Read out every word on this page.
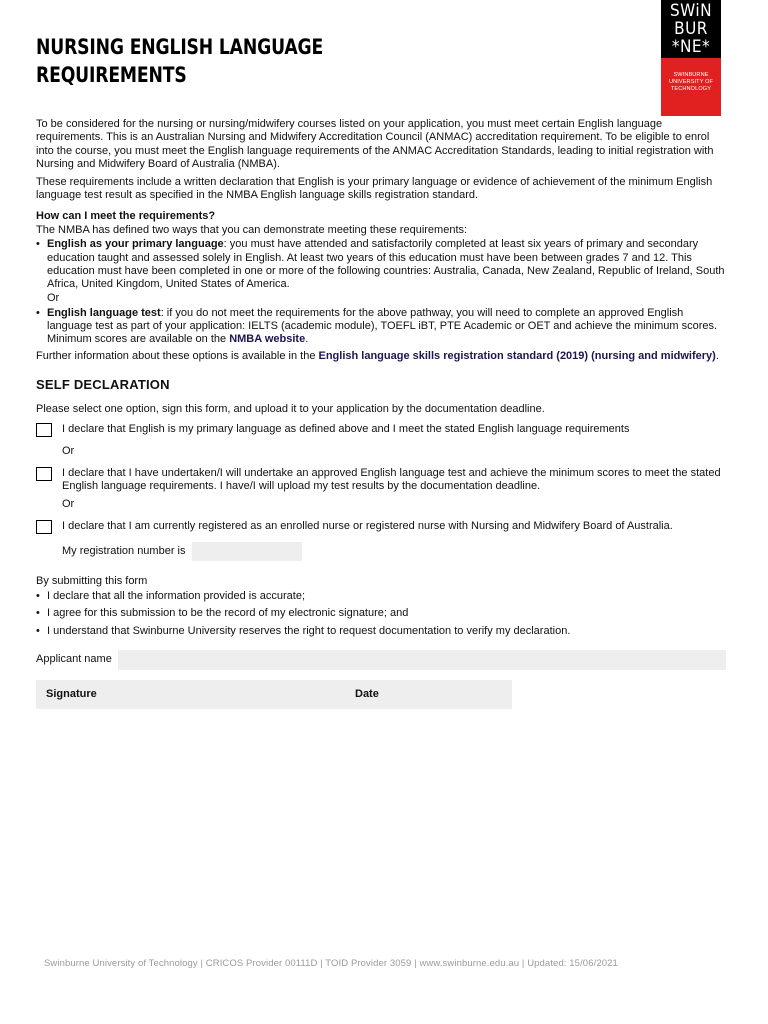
NURSING ENGLISH LANGUAGE
REQUIREMENTS
SWiN
BUR
*NE*
SWINBURNE
UNIVERSITY OF
TECHNOLOGY

To be considered for the nursing or nursing/midwifery courses listed on your application, you must meet certain English language requirements. This is an Australian Nursing and Midwifery Accreditation Council (ANMAC) accreditation requirement. To be eligible to enrol into the course, you must meet the English language requirements of the ANMAC Accreditation Standards, leading to initial registration with Nursing and Midwifery Board of Australia (NMBA).

These requirements include a written declaration that English is your primary language or evidence of achievement of the minimum English language test result as specified in the NMBA English language skills registration standard.

How can I meet the requirements?
The NMBA has defined two ways that you can demonstrate meeting these requirements:
• English as your primary language: you must have attended and satisfactorily completed at least six years of primary and secondary education taught and assessed solely in English. At least two years of this education must have been between grades 7 and 12. This education must have been completed in one or more of the following countries: Australia, Canada, New Zealand, Republic of Ireland, South Africa, United Kingdom, United States of America.
Or
• English language test: if you do not meet the requirements for the above pathway, you will need to complete an approved English language test as part of your application: IELTS (academic module), TOEFL iBT, PTE Academic or OET and achieve the minimum scores. Minimum scores are available on the NMBA website.

Further information about these options is available in the English language skills registration standard (2019) (nursing and midwifery).

SELF DECLARATION

Please select one option, sign this form, and upload it to your application by the documentation deadline.

I declare that English is my primary language as defined above and I meet the stated English language requirements
Or
I declare that I have undertaken/I will undertake an approved English language test and achieve the minimum scores to meet the stated English language requirements. I have/I will upload my test results by the documentation deadline.
Or
I declare that I am currently registered as an enrolled nurse or registered nurse with Nursing and Midwifery Board of Australia.
My registration number is
By submitting this form
• I declare that all the information provided is accurate;
• I agree for this submission to be the record of my electronic signature; and
• I understand that Swinburne University reserves the right to request documentation to verify my declaration.
Applicant name
Signature	Date
Swinburne University of Technology | CRICOS Provider 00111D | TOID Provider 3059 | www.swinburne.edu.au | Updated: 15/06/2021
